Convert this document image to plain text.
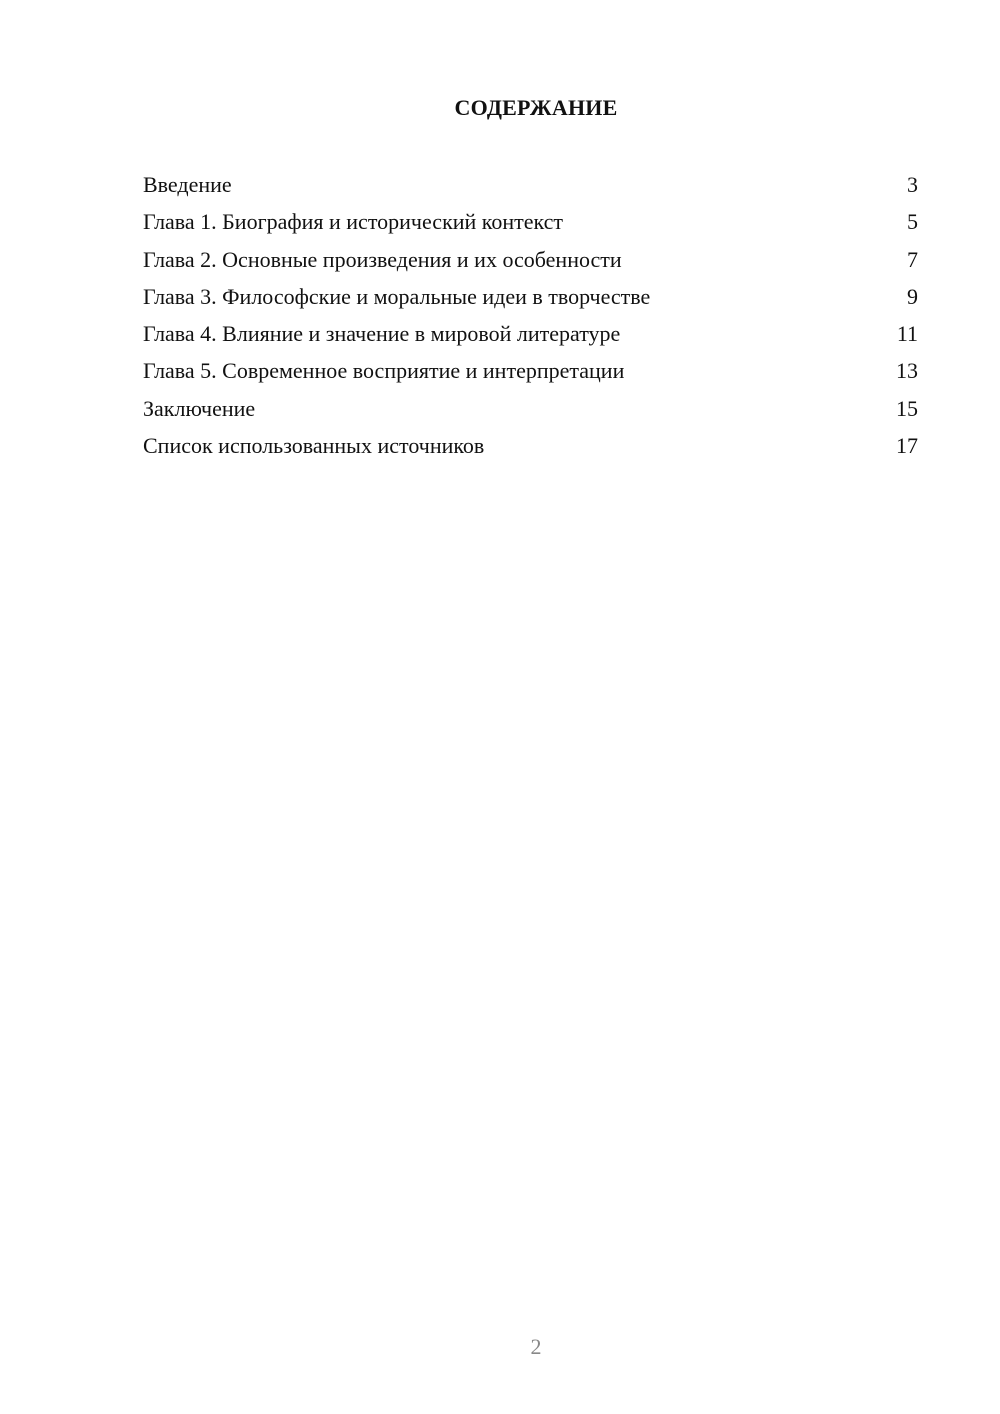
СОДЕРЖАНИЕ
Введение	3
Глава 1. Биография и исторический контекст	5
Глава 2. Основные произведения и их особенности	7
Глава 3. Философские и моральные идеи в творчестве	9
Глава 4. Влияние и значение в мировой литературе	11
Глава 5. Современное восприятие и интерпретации	13
Заключение	15
Список использованных источников	17
2
